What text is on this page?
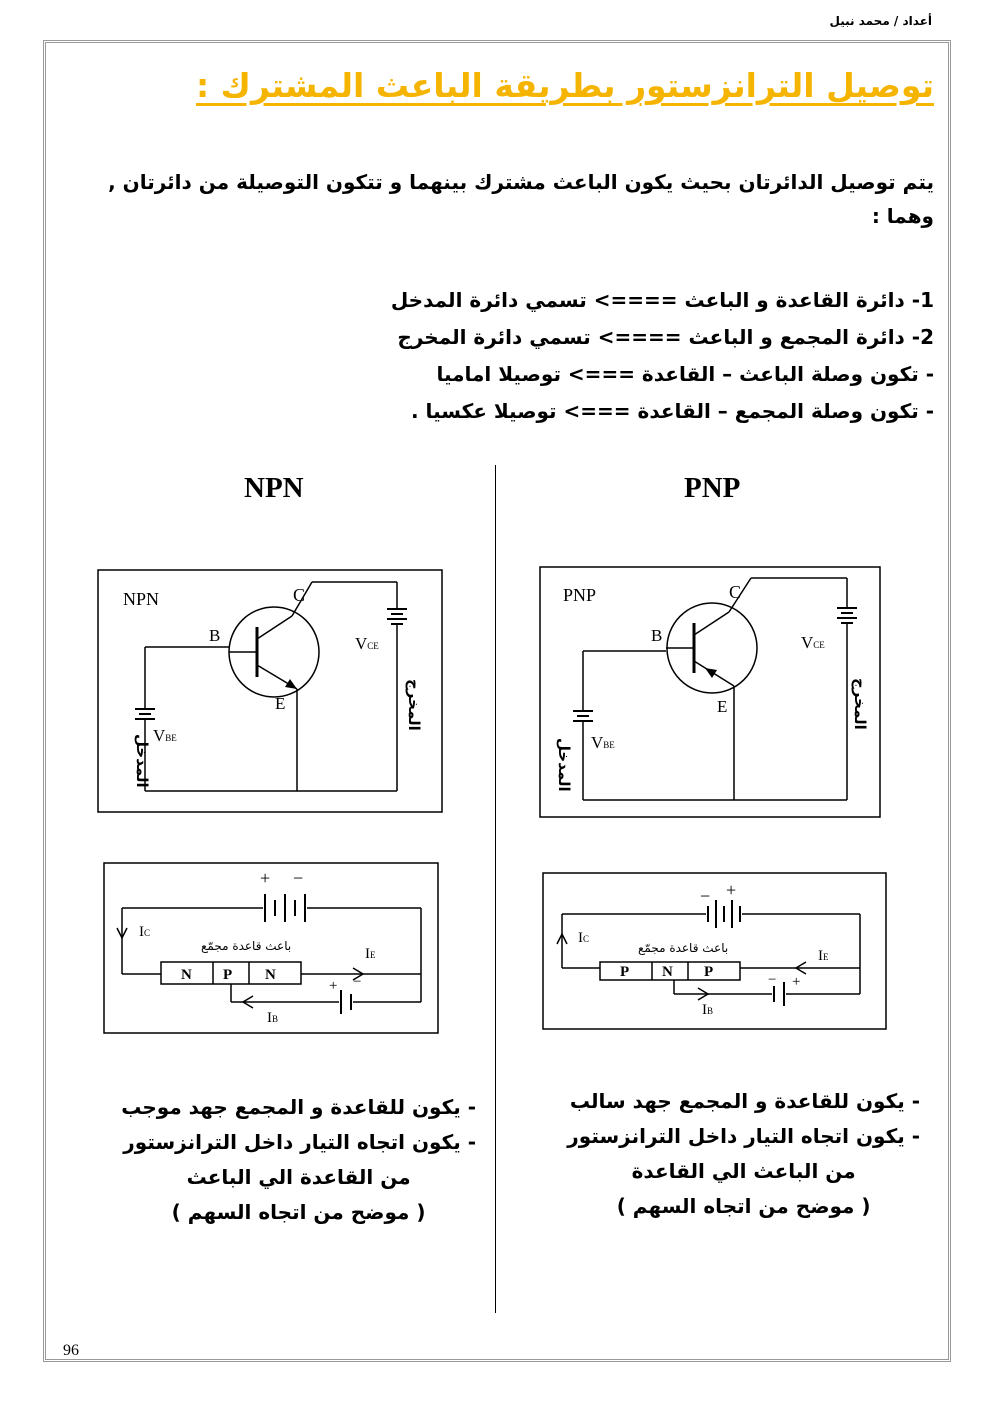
أعداد / محمد نبيل
توصيل الترانزستور بطريقة الباعث المشترك :
يتم توصيل الدائرتان بحيث يكون الباعث مشترك بينهما و تتكون التوصيلة من دائرتان , وهما :
1- دائرة القاعدة و الباعث ====> تسمي دائرة المدخل
2- دائرة المجمع و الباعث ====> تسمي دائرة المخرج
- تكون وصلة الباعث – القاعدة ===> توصيلا اماميا
- تكون وصلة المجمع – القاعدة ===> توصيلا عكسيا .
NPN	PNP
NPN	C
B
E
VCE
VBE
المدخل
المخرج
PNP	C
B
E
VCE
VBE
المدخل
المخرج
+ −
IC
باعث قاعدة مجمّع
N P N
IE
+ −
IB
+
−
IC
باعث قاعدة مجمّع
P N P
IE
− +
IB
- يكون للقاعدة و المجمع جهد موجب
- يكون اتجاه التيار داخل الترانزستور
من القاعدة الي الباعث
( موضح من اتجاه السهم )
- يكون للقاعدة و المجمع جهد سالب
- يكون اتجاه التيار داخل الترانزستور
من الباعث الي القاعدة
( موضح من اتجاه السهم )
96
